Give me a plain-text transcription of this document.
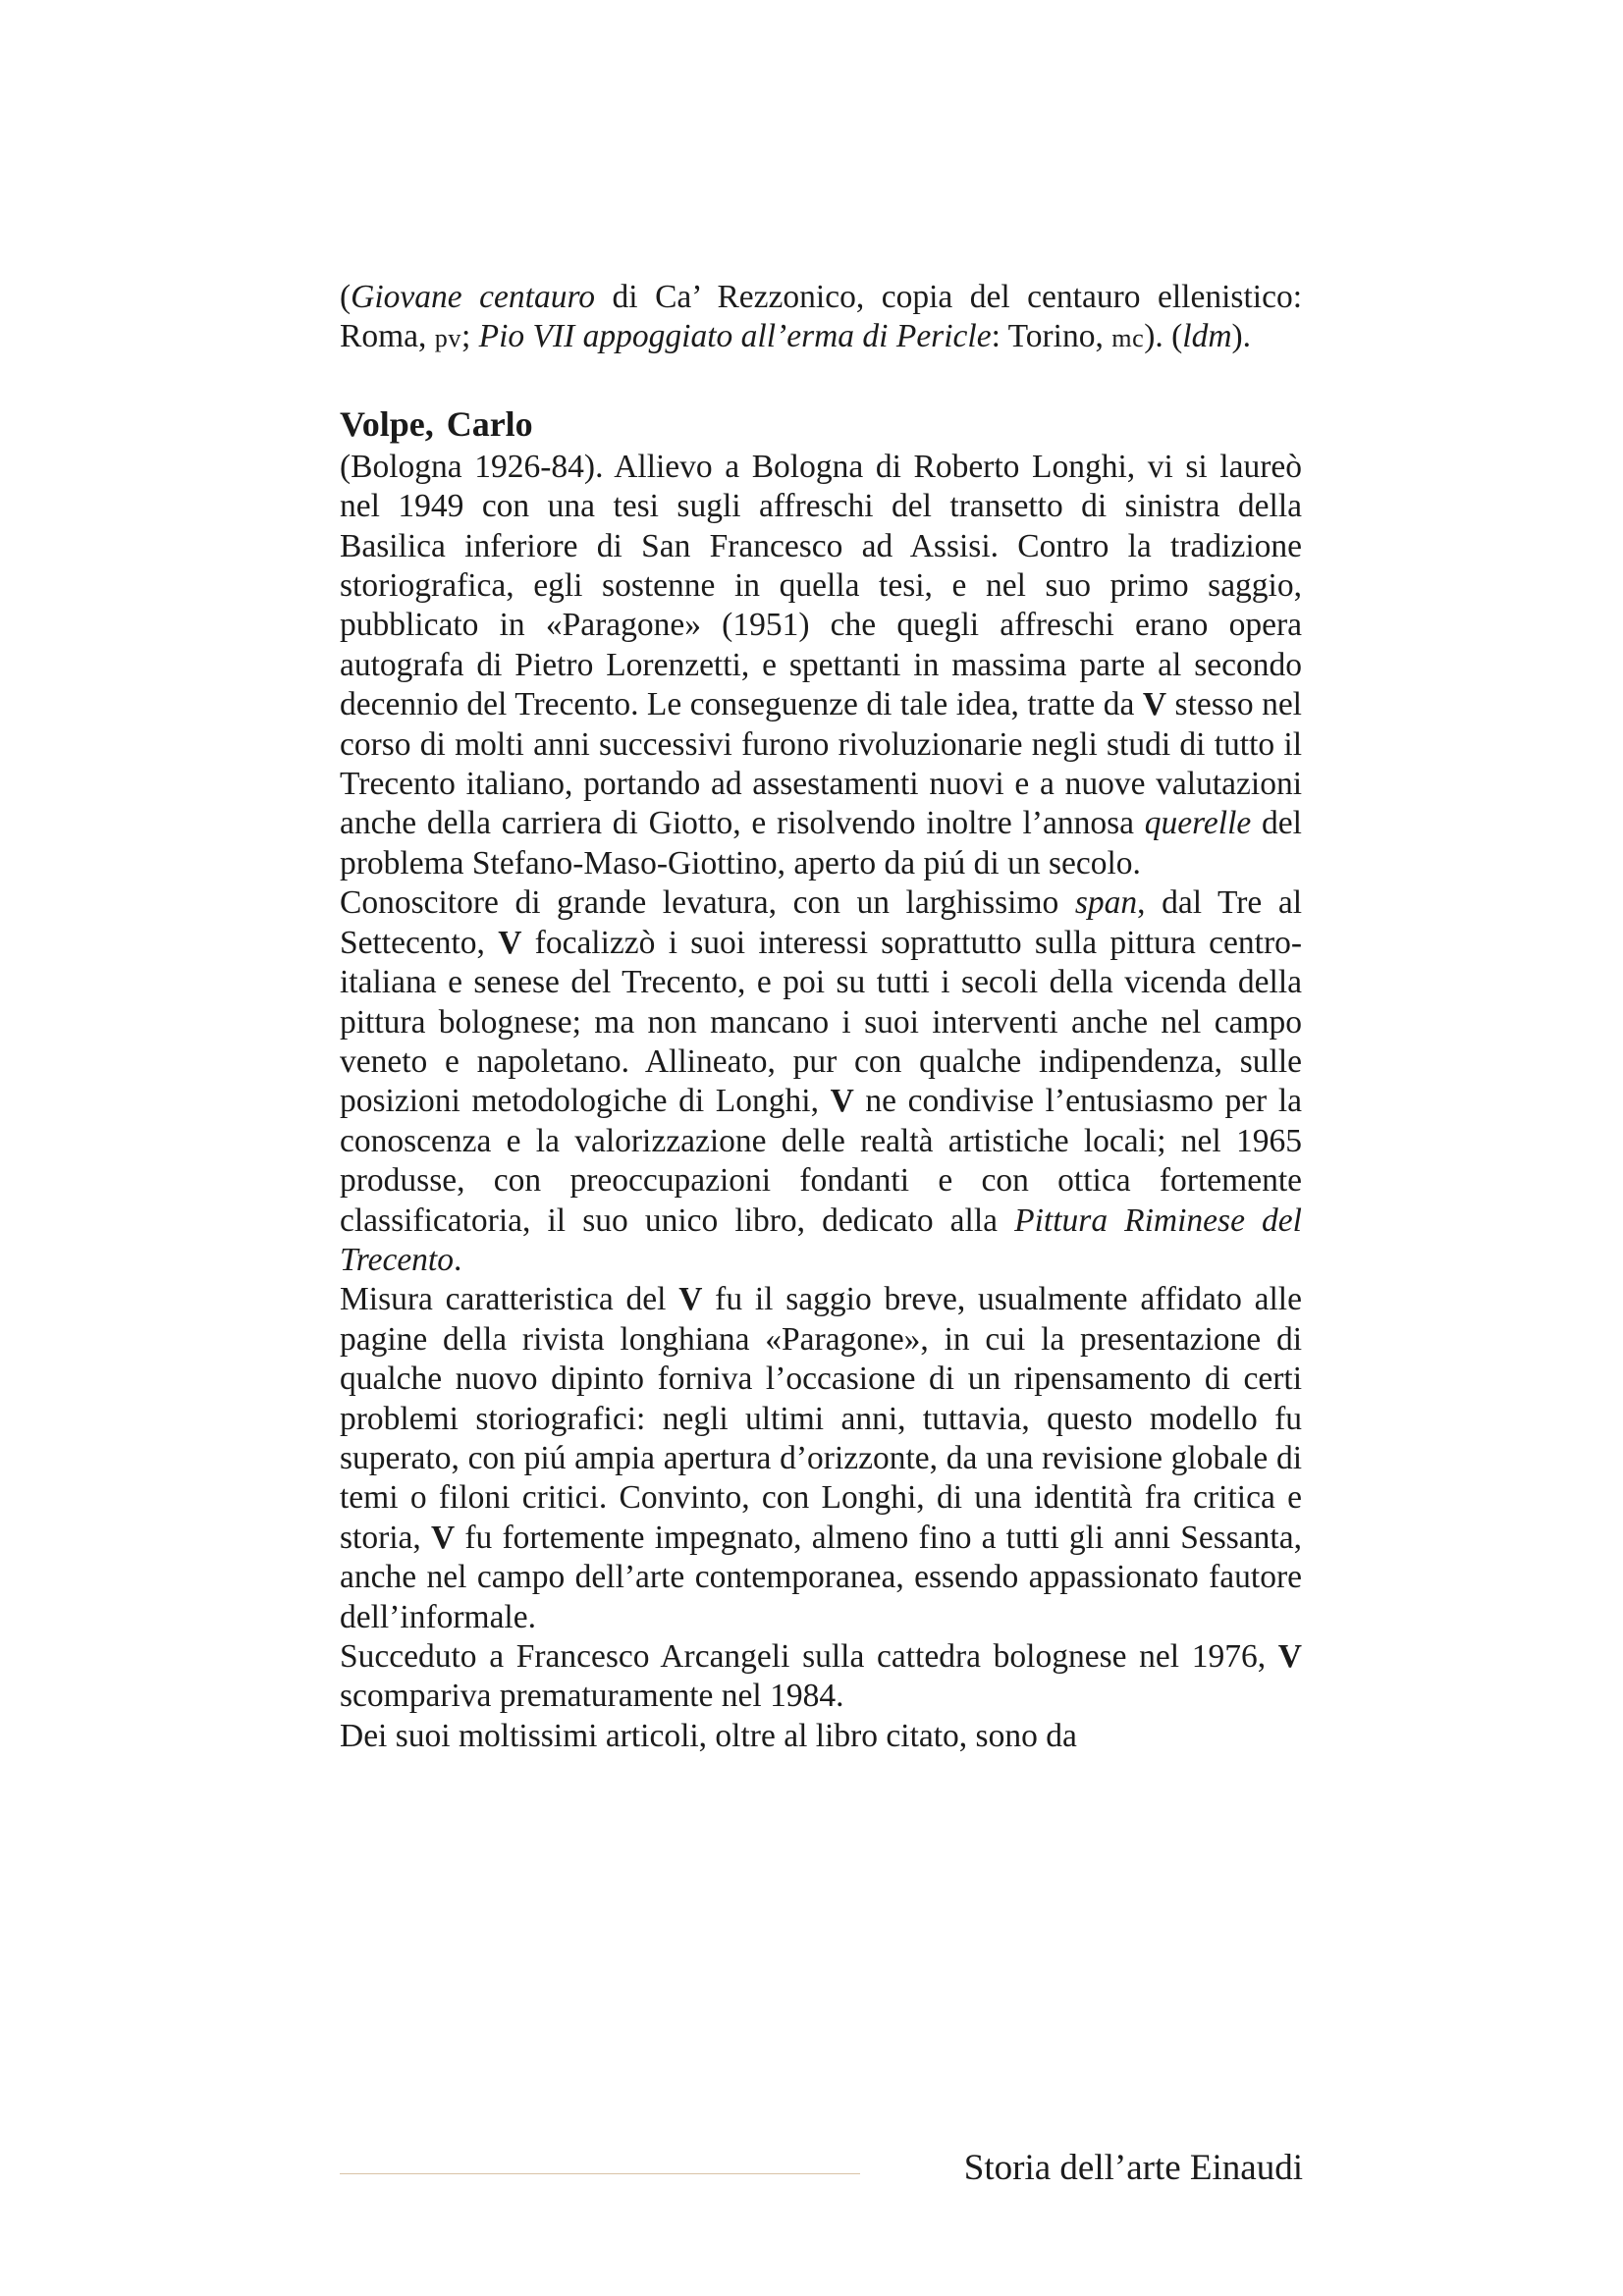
(Giovane centauro di Ca’ Rezzonico, copia del centauro ellenistico: Roma, pv; Pio VII appoggiato all’erma di Pericle: Torino, mc). (ldm).

Volpe, Carlo

(Bologna 1926-84). Allievo a Bologna di Roberto Longhi, vi si laureò nel 1949 con una tesi sugli affreschi del transetto di sinistra della Basilica inferiore di San Francesco ad Assisi. Contro la tradizione storiografica, egli sostenne in quella tesi, e nel suo primo saggio, pubblicato in «Paragone» (1951) che quegli affreschi erano opera autografa di Pietro Lorenzetti, e spettanti in massima parte al secondo decennio del Trecento. Le conseguenze di tale idea, tratte da V stesso nel corso di molti anni successivi furono rivoluzionarie negli studi di tutto il Trecento italiano, portando ad assestamenti nuovi e a nuove valutazioni anche della carriera di Giotto, e risolvendo inoltre l’annosa querelle del problema Stefano-Maso-Giottino, aperto da piú di un secolo.

Conoscitore di grande levatura, con un larghissimo span, dal Tre al Settecento, V focalizzò i suoi interessi soprattutto sulla pittura centro-italiana e senese del Trecento, e poi su tutti i secoli della vicenda della pittura bolognese; ma non mancano i suoi interventi anche nel campo veneto e napoletano. Allineato, pur con qualche indipendenza, sulle posizioni metodologiche di Longhi, V ne condivise l’entusiasmo per la conoscenza e la valorizzazione delle realtà artistiche locali; nel 1965 produsse, con preoccupazioni fondanti e con ottica fortemente classificatoria, il suo unico libro, dedicato alla Pittura Riminese del Trecento.

Misura caratteristica del V fu il saggio breve, usualmente affidato alle pagine della rivista longhiana «Paragone», in cui la presentazione di qualche nuovo dipinto forniva l’occasione di un ripensamento di certi problemi storiografici: negli ultimi anni, tuttavia, questo modello fu superato, con piú ampia apertura d’orizzonte, da una revisione globale di temi o filoni critici. Convinto, con Longhi, di una identità fra critica e storia, V fu fortemente impegnato, almeno fino a tutti gli anni Sessanta, anche nel campo dell’arte contemporanea, essendo appassionato fautore dell’informale.

Succeduto a Francesco Arcangeli sulla cattedra bolognese nel 1976, V scompariva prematuramente nel 1984.

Dei suoi moltissimi articoli, oltre al libro citato, sono da

Storia dell’arte Einaudi
